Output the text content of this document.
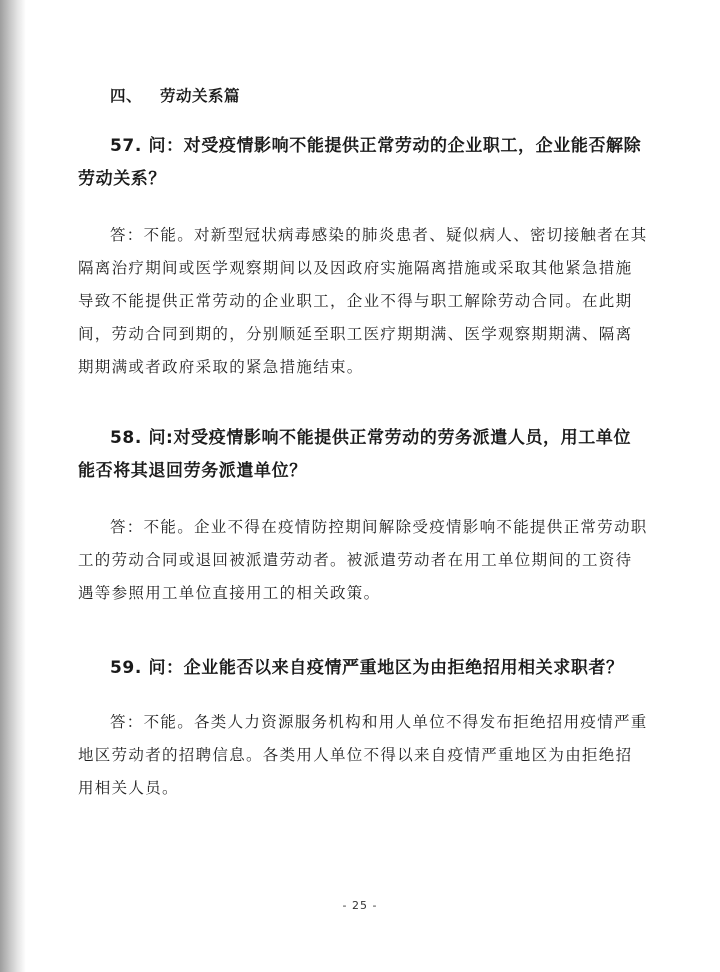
四、 劳动关系篇
57. 问：对受疫情影响不能提供正常劳动的企业职工，企业能否解除劳动关系？
答：不能。对新型冠状病毒感染的肺炎患者、疑似病人、密切接触者在其隔离治疗期间或医学观察期间以及因政府实施隔离措施或采取其他紧急措施导致不能提供正常劳动的企业职工，企业不得与职工解除劳动合同。在此期间，劳动合同到期的，分别顺延至职工医疗期期满、医学观察期期满、隔离期期满或者政府采取的紧急措施结束。
58. 问:对受疫情影响不能提供正常劳动的劳务派遣人员，用工单位能否将其退回劳务派遣单位？
答：不能。企业不得在疫情防控期间解除受疫情影响不能提供正常劳动职工的劳动合同或退回被派遣劳动者。被派遣劳动者在用工单位期间的工资待遇等参照用工单位直接用工的相关政策。
59. 问：企业能否以来自疫情严重地区为由拒绝招用相关求职者？
答：不能。各类人力资源服务机构和用人单位不得发布拒绝招用疫情严重地区劳动者的招聘信息。各类用人单位不得以来自疫情严重地区为由拒绝招用相关人员。
- 25 -
